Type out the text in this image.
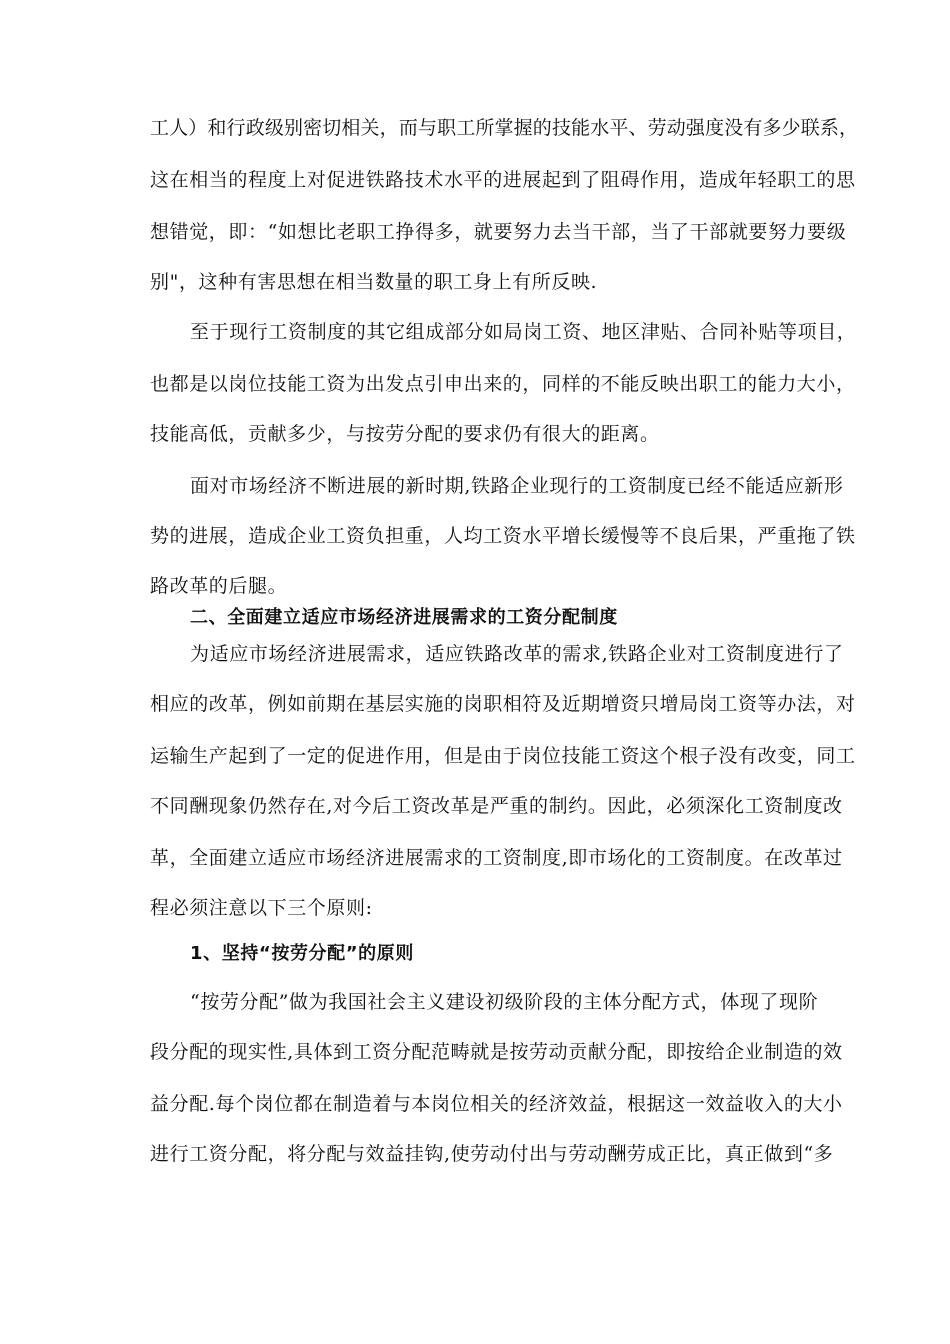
工人）和行政级别密切相关，而与职工所掌握的技能水平、劳动强度没有多少联系，
这在相当的程度上对促进铁路技术水平的进展起到了阻碍作用，造成年轻职工的思
想错觉，即：“如想比老职工挣得多，就要努力去当干部，当了干部就要努力要级
别"，这种有害思想在相当数量的职工身上有所反映.
至于现行工资制度的其它组成部分如局岗工资、地区津贴、合同补贴等项目，
也都是以岗位技能工资为出发点引申出来的，同样的不能反映出职工的能力大小，
技能高低，贡献多少，与按劳分配的要求仍有很大的距离。
面对市场经济不断进展的新时期,铁路企业现行的工资制度已经不能适应新形
势的进展，造成企业工资负担重，人均工资水平增长缓慢等不良后果，严重拖了铁
路改革的后腿。
二、全面建立适应市场经济进展需求的工资分配制度
为适应市场经济进展需求，适应铁路改革的需求,铁路企业对工资制度进行了
相应的改革，例如前期在基层实施的岗职相符及近期增资只增局岗工资等办法，对
运输生产起到了一定的促进作用，但是由于岗位技能工资这个根子没有改变，同工
不同酬现象仍然存在,对今后工资改革是严重的制约。因此，必须深化工资制度改
革，全面建立适应市场经济进展需求的工资制度,即市场化的工资制度。在改革过
程必须注意以下三个原则:
1、坚持“按劳分配”的原则
“按劳分配”做为我国社会主义建设初级阶段的主体分配方式，体现了现阶
段分配的现实性,具体到工资分配范畴就是按劳动贡献分配，即按给企业制造的效
益分配.每个岗位都在制造着与本岗位相关的经济效益，根据这一效益收入的大小
进行工资分配，将分配与效益挂钩,使劳动付出与劳动酬劳成正比，真正做到“多
